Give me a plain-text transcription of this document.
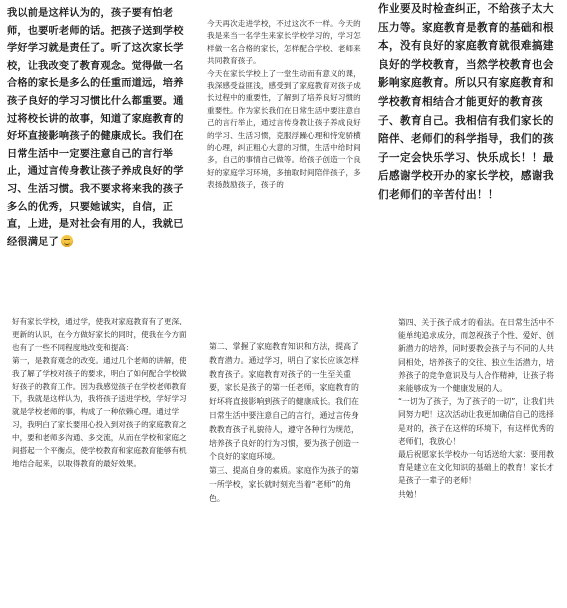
我以前是这样认为的，孩子要有怕老师，也要听老师的话。把孩子送到学校学好学习就是责任了。听了这次家长学校，让我改变了教育观念。觉得做一名合格的家长是多么的任重而道远，培养孩子良好的学习习惯比什么都重要。通过将校长讲的故事，知道了家庭教育的好坏直接影响孩子的健康成长。我们在日常生活中一定要注意自己的言行举止，通过言传身教让孩子养成良好的学习、生活习惯。我不要求将来我的孩子多么的优秀，只要她诚实，自信，正直，上进，是对社会有用的人，我就已经很满足了
今天再次走进学校，不过这次不一样。今天的我是来当一名学生来家长学校学习的，学习怎样做一名合格的家长，怎样配合学校、老师来共同教育孩子。
今天在家长学校上了一堂生动而有意义的课，我深感受益匪浅，感受到了家庭教育对孩子成长过程中的重要性，了解到了培养良好习惯的重要性。作为家长我们在日常生活中要注意自己的言行举止，通过言传身教让孩子养成良好的学习、生活习惯，克服浮躁心理和恃宠骄横的心理，纠正粗心大意的习惯，生活中给时间多，自己的事情自己做等。给孩子创造一个良好的家庭学习环境，多抽取时间陪伴孩子，多表扬鼓励孩子，孩子的
作业要及时检查纠正，不给孩子太大压力等。家庭教育是教育的基础和根本，没有良好的家庭教育就很难搞建良好的学校教育，当然学校教育也会影响家庭教育。所以只有家庭教育和学校教育相结合才能更好的教育孩子、教育自己。我相信有我们家长的陪伴、老师们的科学指导，我们的孩子一定会快乐学习、快乐成长！！最后感谢学校开办的家长学校，感谢我们老师们的辛苦付出！！
好有家长学校，通过学，使我对家庭教育有了更深、更新的认识，在今方做好家长的同时，使我在今方面也有了一些不同程度地改变和提高：
第一，是教育观念的改变。通过几个老师的讲解，使我了解了学校对孩子的要求，明白了如何配合学校做好孩子的教育工作。因为我感觉孩子在学校老师教育下，我就是这样认为，我将孩子送进学校，学好学习就是学校老师的事，构成了一种依赖心理。通过学习，我明白了家长要用心投入到对孩子的家庭教育之中，要和老师多沟通、多交流，从而在学校和家庭之间搭起一个平衡点，使学校教育和家庭教育能够有机地结合起来，以取得教育的最好效果。
第二、掌握了家庭教育知识和方法，提高了教育潜力。通过学习，明白了家长应该怎样教育孩子。家庭教育对孩子的一生至关重要，家长是孩子的第一任老师，家庭教育的好坏将直接影响到孩子的健康成长。我们在日常生活中要注意自己的言行，通过言传身教教育孩子礼貌待人，遵守各种行为规范，培养孩子良好的行为习惯，要为孩子创造一个良好的家庭环境。
第三、提高自身的素质。家庭作为孩子的第一所学校，家长就时刻充当着“老师”的角色。
第四、关于孩子成才的看法。在日常生活中不能单纯追求成分，而忽视孩子个性、爱好、创新潜力的培养，同时要教会孩子与不同的人共同相处，培养孩子的交往、独立生活潜力，培养孩子的竞争意识及与人合作精神，让孩子将来能够成为一个健康发展的人。
“一切为了孩子，为了孩子的一切”，让我们共同努力吧！这次活动让我更加确信自己的选择是对的，孩子在这样的环境下，有这样优秀的老师们，我放心！
最后祝愿家长学校办一句话送给大家：要用教育是建立在文化知识的基础上的教育！家长才是孩子一辈子的老师！
共勉！
